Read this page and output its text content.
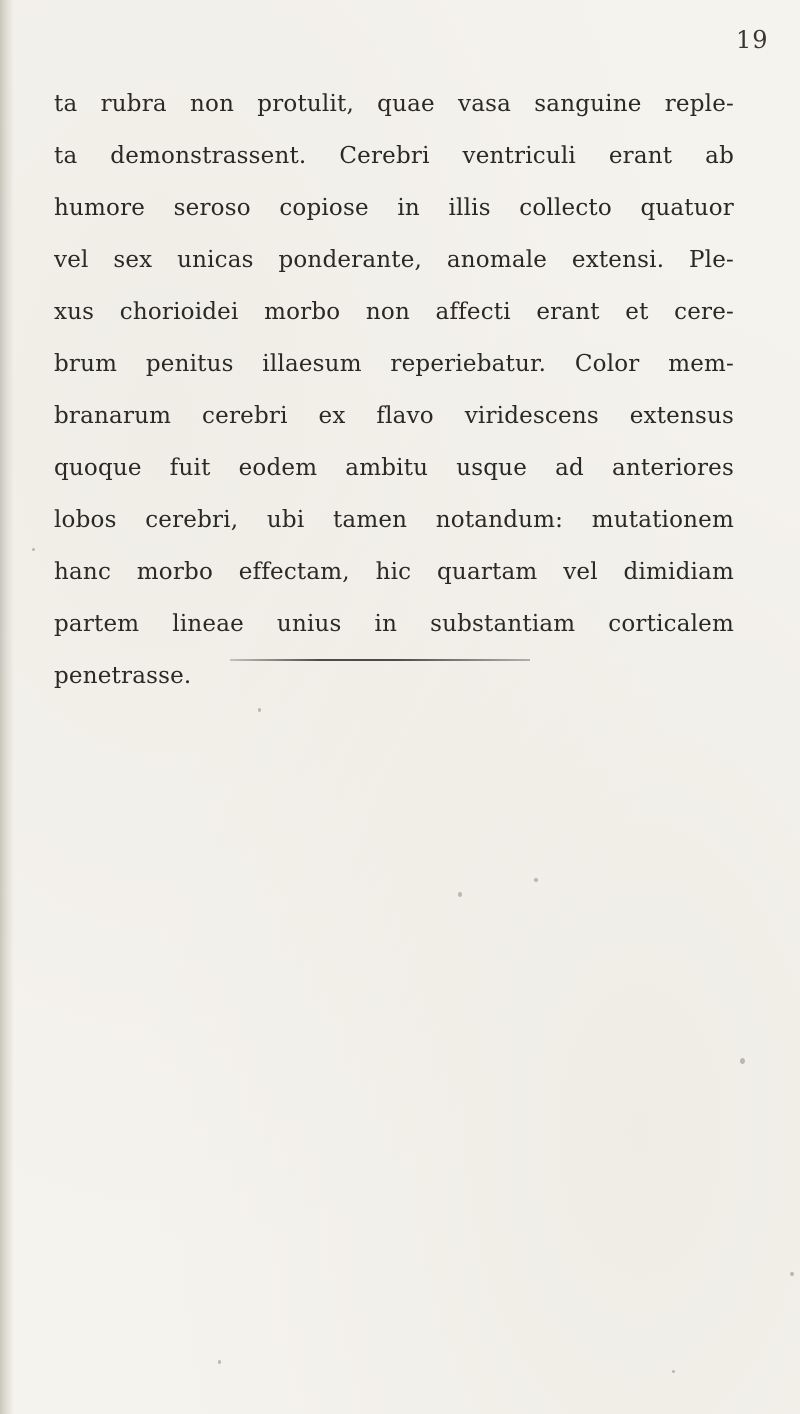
19
ta rubra non protulit, quae vasa sanguine reple-
ta demonstrassent. Cerebri ventriculi erant ab
humore seroso copiose in illis collecto quatuor
vel sex unicas ponderante, anomale extensi. Ple-
xus chorioidei morbo non affecti erant et cere-
brum penitus illaesum reperiebatur. Color mem-
branarum cerebri ex flavo viridescens extensus
quoque fuit eodem ambitu usque ad anteriores
lobos cerebri, ubi tamen notandum: mutationem
hanc morbo effectam, hic quartam vel dimidiam
partem lineae unius in substantiam corticalem
penetrasse.
